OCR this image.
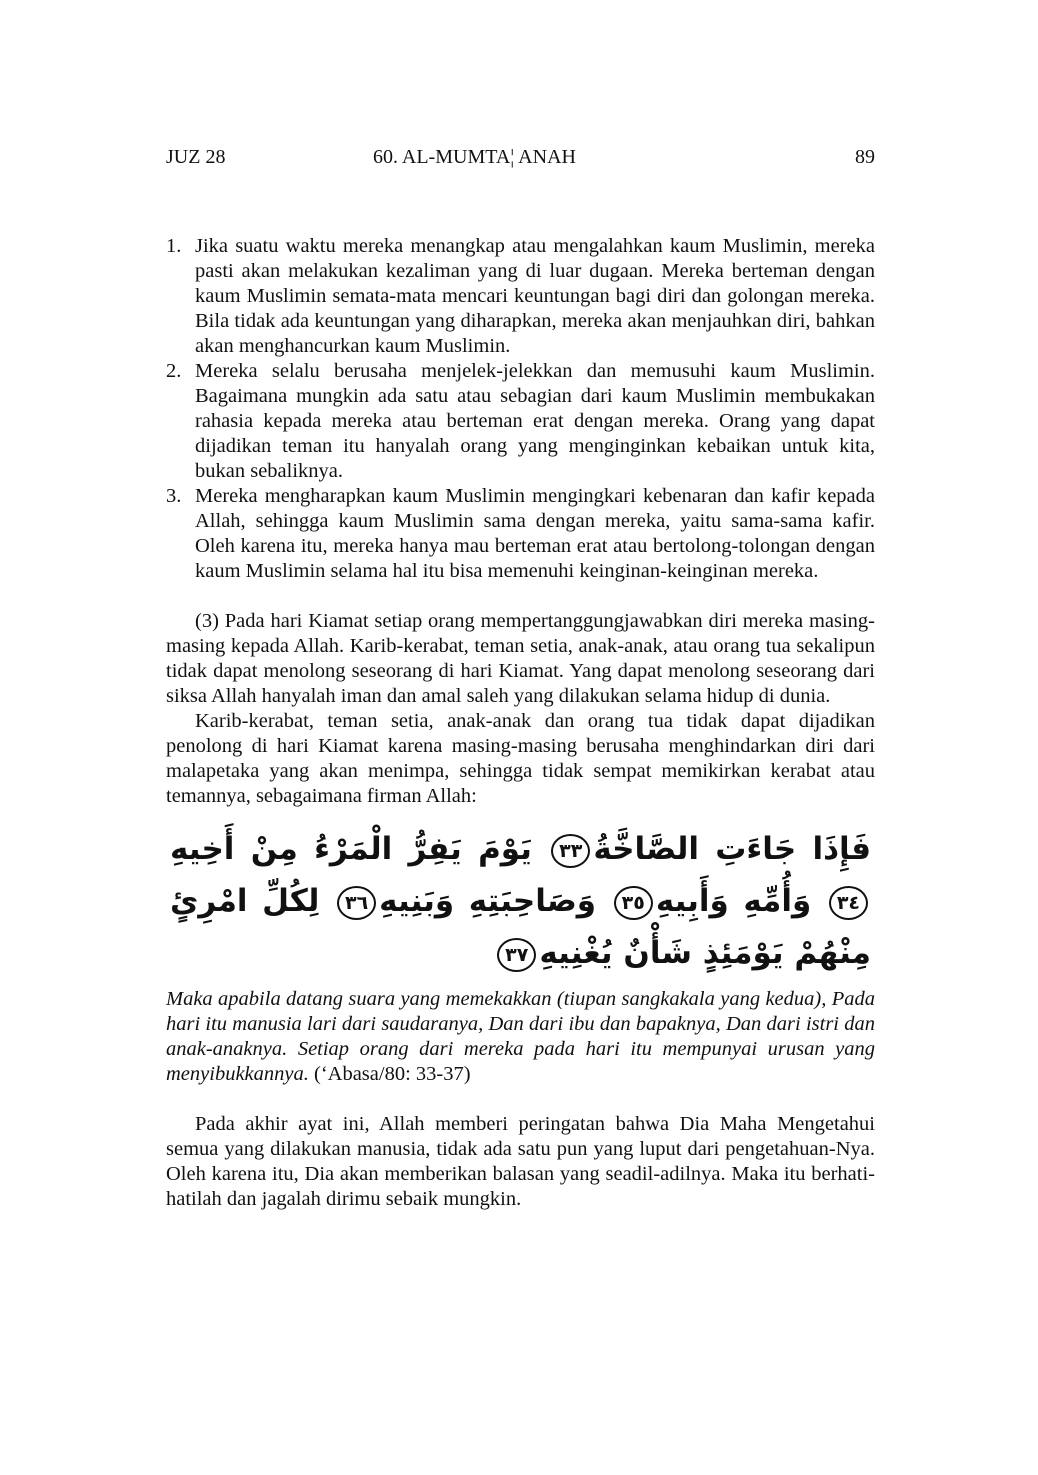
JUZ 28	60. AL-MUMTA¦ ANAH	89
1. Jika suatu waktu mereka menangkap atau mengalahkan kaum Muslimin, mereka pasti akan melakukan kezaliman yang di luar dugaan. Mereka berteman dengan kaum Muslimin semata-mata mencari keuntungan bagi diri dan golongan mereka. Bila tidak ada keuntungan yang diharapkan, mereka akan menjauhkan diri, bahkan akan menghancurkan kaum Muslimin.
2. Mereka selalu berusaha menjelek-jelekkan dan memusuhi kaum Muslimin. Bagaimana mungkin ada satu atau sebagian dari kaum Muslimin membukakan rahasia kepada mereka atau berteman erat dengan mereka. Orang yang dapat dijadikan teman itu hanyalah orang yang menginginkan kebaikan untuk kita, bukan sebaliknya.
3. Mereka mengharapkan kaum Muslimin mengingkari kebenaran dan kafir kepada Allah, sehingga kaum Muslimin sama dengan mereka, yaitu sama-sama kafir. Oleh karena itu, mereka hanya mau berteman erat atau bertolong-tolongan dengan kaum Muslimin selama hal itu bisa memenuhi keinginan-keinginan mereka.

(3) Pada hari Kiamat setiap orang mempertanggungjawabkan diri mereka masing-masing kepada Allah. Karib-kerabat, teman setia, anak-anak, atau orang tua sekalipun tidak dapat menolong seseorang di hari Kiamat. Yang dapat menolong seseorang dari siksa Allah hanyalah iman dan amal saleh yang dilakukan selama hidup di dunia.

Karib-kerabat, teman setia, anak-anak dan orang tua tidak dapat dijadikan penolong di hari Kiamat karena masing-masing berusaha menghindarkan diri dari malapetaka yang akan menimpa, sehingga tidak sempat memikirkan kerabat atau temannya, sebagaimana firman Allah:

فَإِذَا جَاءَتِ الصَّاخَّةُ٣٣ يَوْمَ يَفِرُّ الْمَرْءُ مِنْ أَخِيهِ٣٤ وَأُمِّهِ وَأَبِيهِ٣٥ وَصَاحِبَتِهِ وَبَنِيهِ٣٦ لِكُلِّ امْرِئٍ مِنْهُمْ يَوْمَئِذٍ شَأْنٌ يُغْنِيهِ٣٧

Maka apabila datang suara yang memekakkan (tiupan sangkakala yang kedua), Pada hari itu manusia lari dari saudaranya, Dan dari ibu dan bapaknya, Dan dari istri dan anak-anaknya. Setiap orang dari mereka pada hari itu mempunyai urusan yang menyibukkannya. (‘Abasa/80: 33-37)

Pada akhir ayat ini, Allah memberi peringatan bahwa Dia Maha Mengetahui semua yang dilakukan manusia, tidak ada satu pun yang luput dari pengetahuan-Nya. Oleh karena itu, Dia akan memberikan balasan yang seadil-adilnya. Maka itu berhati-hatilah dan jagalah dirimu sebaik mungkin.
